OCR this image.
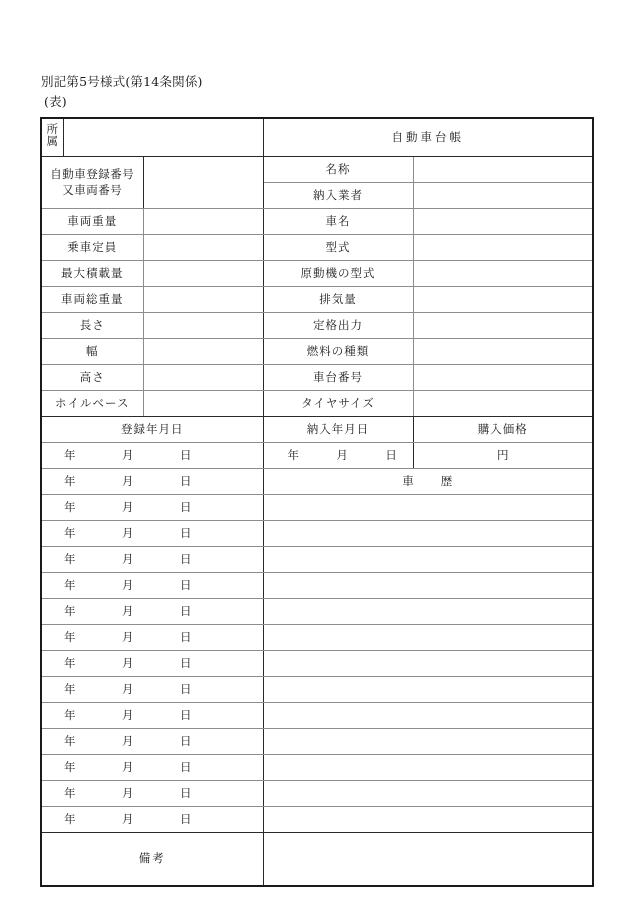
別記第5号様式(第14条関係)
(表)
所属			自動車台帳	

自動車登録番号
又車両番号			名称	
			納入業者	
車両重量			車名	
乗車定員			型式	
最大積載量			原動機の型式	
車両総重量			排気量	
長さ			定格出力	
幅			燃料の種類	
高さ			車台番号	
ホイルベース			タイヤサイズ	
登録年月日			納入年月日	購入価格

年 月 日			年 月 日	円

年 月 日			車 歴	

年 月 日				

年 月 日				

年 月 日				

年 月 日				

年 月 日				

年 月 日				

年 月 日				

年 月 日				

年 月 日				

年 月 日				

年 月 日				

年 月 日				

年 月 日				

備考				
